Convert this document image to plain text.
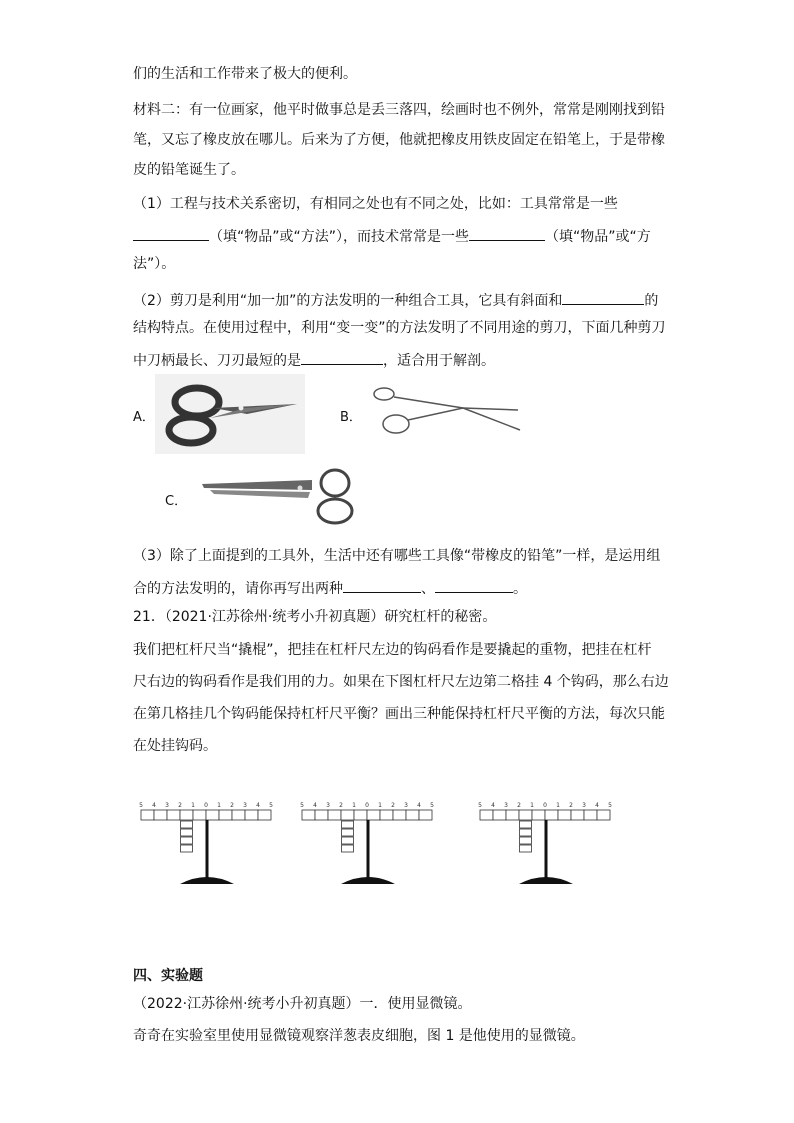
们的生活和工作带来了极大的便利。
材料二：有一位画家，他平时做事总是丢三落四，绘画时也不例外，常常是刚刚找到铅
笔，又忘了橡皮放在哪儿。后来为了方便，他就把橡皮用铁皮固定在铅笔上，于是带橡
皮的铅笔诞生了。
（1）工程与技术关系密切，有相同之处也有不同之处，比如：工具常常是一些
（填“物品”或“方法”），而技术常常是一些	（填“物品”或“方
法”）。
（2）剪刀是利用“加一加”的方法发明的一种组合工具，它具有斜面和	的
结构特点。在使用过程中，利用“变一变”的方法发明了不同用途的剪刀，下面几种剪刀
中刀柄最长、刀刃最短的是	，适合用于解剖。
A．	B．
C．
（3）除了上面提到的工具外，生活中还有哪些工具像“带橡皮的铅笔”一样，是运用组
合的方法发明的，请你再写出两种	、	。
21．（2021·江苏徐州·统考小升初真题）研究杠杆的秘密。
我们把杠杆尺当“撬棍”，把挂在杠杆尺左边的钩码看作是要撬起的重物，把挂在杠杆
尺右边的钩码看作是我们用的力。如果在下图杠杆尺左边第二格挂 4 个钩码，那么右边
在第几格挂几个钩码能保持杠杆尺平衡？画出三种能保持杠杆尺平衡的方法，每次只能
在处挂钩码。
5 4 3 2 1 0 1 2 3 4 5	5 4 3 2 1 0 1 2 3 4 5	5 4 3 2 1 0 1 2 3 4 5
四、实验题
（2022·江苏徐州·统考小升初真题）一．使用显微镜。
奇奇在实验室里使用显微镜观察洋葱表皮细胞，图 1 是他使用的显微镜。
